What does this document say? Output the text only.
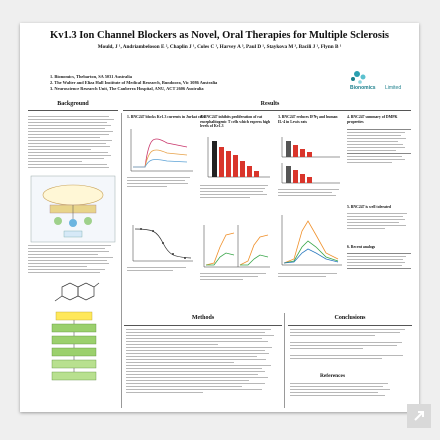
Kv1.3 Ion Channel Blockers as Novel, Oral Therapies for Multiple Sclerosis
Mould, J ¹, Andriambeloson E ², Chaplin J ¹, Coles C ¹, Harvey A ³, Paul D ¹, Staykova M ³, Bacili J ¹, Flynn B ¹
1. Bionomics, Thebarton, SA 5031 Australia
2. The Walter and Eliza Hall Institute of Medical Research, Bundoora, Vic 3086 Australia
3. Neuroscience Research Unit, The Canberra Hospital, ANU, ACT 2606 Australia	Bionomics Limited
Background	Results
1. BNC247 blocks Kv1.3 currents in Jurkat cells
2. BNC247 inhibits proliferation of rat encephalitogenic T cells which express high levels of Kv1.3
3. BNC247 reduces IFNγ and human IL-4 in Lewis rats
4. BNC247 summary of DMPK properties
5. BNC247 is well tolerated
6. Recent analogs
Methods	Conclusions
References
